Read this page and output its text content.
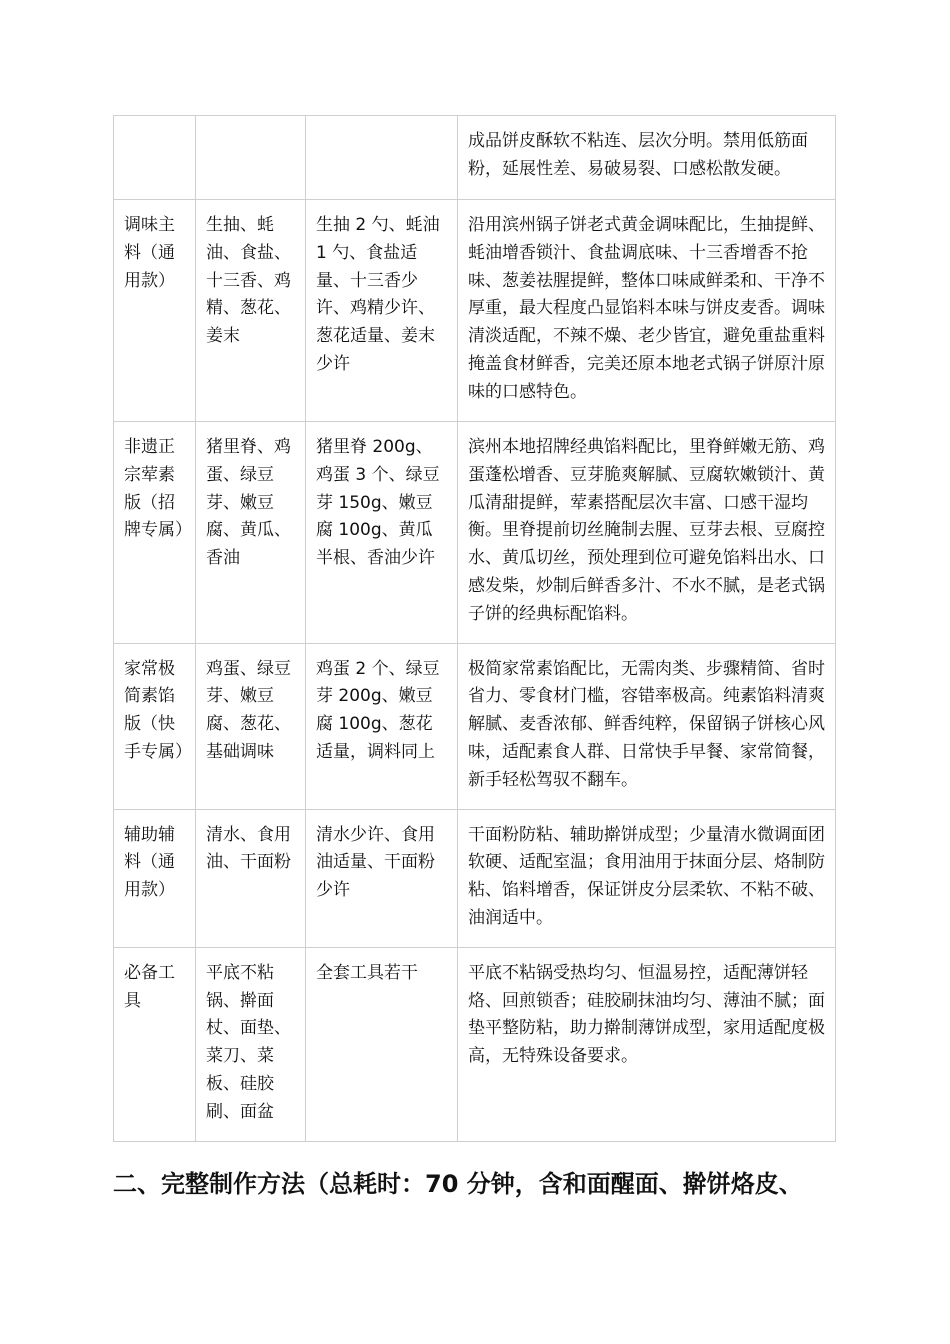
			成品饼皮酥软不粘连、层次分明。禁用低筋面粉，延展性差、易破易裂、口感松散发硬。
调味主料（通用款）	生抽、蚝油、食盐、十三香、鸡精、葱花、姜末	生抽 2 勺、蚝油 1 勺、食盐适量、十三香少许、鸡精少许、葱花适量、姜末少许	沿用滨州锅子饼老式黄金调味配比，生抽提鲜、蚝油增香锁汁、食盐调底味、十三香增香不抢味、葱姜祛腥提鲜，整体口味咸鲜柔和、干净不厚重，最大程度凸显馅料本味与饼皮麦香。调味清淡适配，不辣不燥、老少皆宜，避免重盐重料掩盖食材鲜香，完美还原本地老式锅子饼原汁原味的口感特色。
非遗正宗荤素版（招牌专属）	猪里脊、鸡蛋、绿豆芽、嫩豆腐、黄瓜、香油	猪里脊 200g、鸡蛋 3 个、绿豆芽 150g、嫩豆腐 100g、黄瓜半根、香油少许	滨州本地招牌经典馅料配比，里脊鲜嫩无筋、鸡蛋蓬松增香、豆芽脆爽解腻、豆腐软嫩锁汁、黄瓜清甜提鲜，荤素搭配层次丰富、口感干湿均衡。里脊提前切丝腌制去腥、豆芽去根、豆腐控水、黄瓜切丝，预处理到位可避免馅料出水、口感发柴，炒制后鲜香多汁、不水不腻，是老式锅子饼的经典标配馅料。
家常极简素馅版（快手专属）	鸡蛋、绿豆芽、嫩豆腐、葱花、基础调味	鸡蛋 2 个、绿豆芽 200g、嫩豆腐 100g、葱花适量，调料同上	极简家常素馅配比，无需肉类、步骤精简、省时省力、零食材门槛，容错率极高。纯素馅料清爽解腻、麦香浓郁、鲜香纯粹，保留锅子饼核心风味，适配素食人群、日常快手早餐、家常简餐，新手轻松驾驭不翻车。
辅助辅料（通用款）	清水、食用油、干面粉	清水少许、食用油适量、干面粉少许	干面粉防粘、辅助擀饼成型；少量清水微调面团软硬、适配室温；食用油用于抹面分层、烙制防粘、馅料增香，保证饼皮分层柔软、不粘不破、油润适中。
必备工具	平底不粘锅、擀面杖、面垫、菜刀、菜板、硅胶刷、面盆	全套工具若干	平底不粘锅受热均匀、恒温易控，适配薄饼轻烙、回煎锁香；硅胶刷抹油均匀、薄油不腻；面垫平整防粘，助力擀制薄饼成型，家用适配度极高，无特殊设备要求。
二、完整制作方法（总耗时：70 分钟，含和面醒面、擀饼烙皮、
